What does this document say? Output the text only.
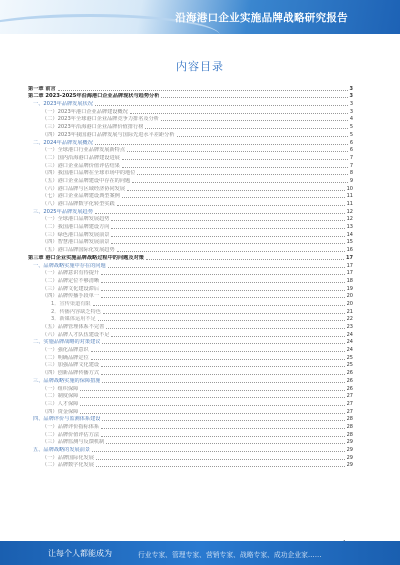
沿海港口企业实施品牌战略研究报告
内容目录
第一章 前言	3
第二章 2023-2025年沿海港口企业品牌现状与趋势分析	3
一、2023年品牌发展状况	3
（一）2023年港口企业品牌建设概况	3
（二）2023年全球港口企业品牌竞争力排名及分析	4
（三）2023年沿海港口企业品牌价值排行榜	5
（四）2023年我国港口品牌发展与国际先进水平差距分析	5
二、2024年品牌发展概况	6
（一）全球港口行业品牌发展新特点	6
（二）国内沿海港口品牌建设进展	7
（三）港口企业品牌价值评估结果	7
（四）我国港口品牌在全球市场中的地位	8
（五）港口企业品牌建设中存在的问题	9
（六）港口品牌与区域经济协同发展	10
（七）港口企业品牌建设典型案例	11
（八）港口品牌数字化转型实践	11
三、2025年品牌发展趋势	12
（一）全球港口品牌发展趋势	12
（二）我国港口品牌建设方向	13
（三）绿色港口品牌发展前景	14
（四）智慧港口品牌发展前景	15
（五）港口品牌国际化发展趋势	16
第三章 港口企业实施品牌战略过程中的问题及对策	17
一、品牌战略实施中存在的问题	17
（一）品牌意识有待提升	17
（二）品牌定位不够清晰	18
（三）品牌文化建设滞后	19
（四）品牌传播手段单一	20
1．宣传渠道有限	20
2．传播内容缺乏特色	21
3．新媒体运用不足	22
（五）品牌管理体系不完善	23
（六）品牌人才队伍建设不足	24
二、实施品牌战略的对策建议	24
（一）强化品牌意识	24
（二）明确品牌定位	25
（三）加强品牌文化建设	25
（四）创新品牌传播方式	26
三、品牌战略实施的保障措施	26
（一）组织保障	26
（二）制度保障	27
（三）人才保障	27
（四）资金保障	27
四、品牌评价与监测体系建设	28
（一）品牌评价指标体系	28
（二）品牌价值评估方法	28
（三）品牌监测与反馈机制	29
五、品牌战略的发展前景	29
（一）品牌国际化发展	29
（二）品牌数字化发展	29
让每个人都能成为	行业专家、管理专家、营销专家、战略专家、成功企业家……
